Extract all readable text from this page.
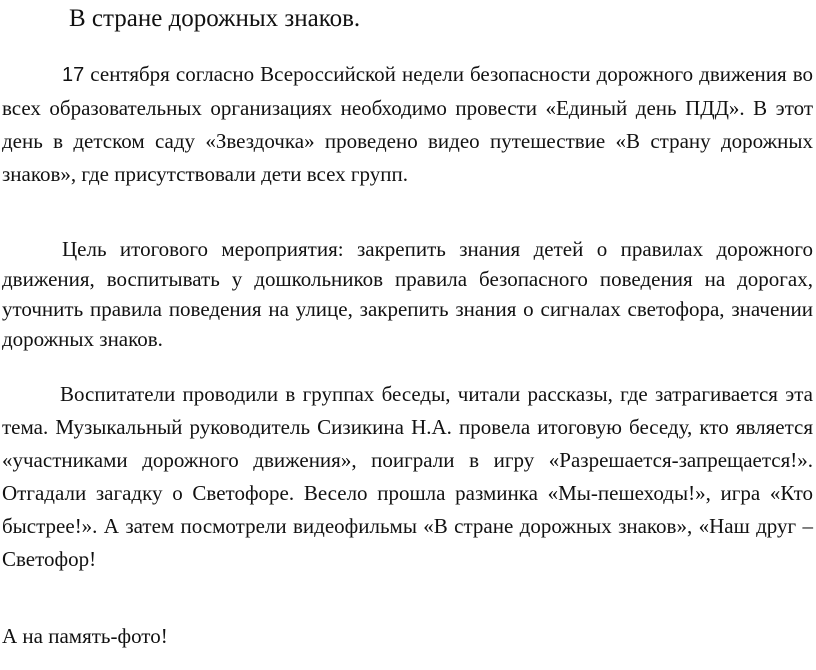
В стране дорожных знаков.

17 сентября согласно Всероссийской недели безопасности дорожного движения во всех образовательных организациях необходимо провести «Единый день ПДД». В этот день в детском саду «Звездочка» проведено видео путешествие «В страну дорожных знаков», где присутствовали дети всех групп.

Цель итогового мероприятия: закрепить знания детей о правилах дорожного движения, воспитывать у дошкольников правила безопасного поведения на дорогах, уточнить правила поведения на улице, закрепить знания о сигналах светофора, значении дорожных знаков.

Воспитатели проводили в группах беседы, читали рассказы, где затрагивается эта тема. Музыкальный руководитель Сизикина Н.А. провела итоговую беседу, кто является «участниками дорожного движения», поиграли в игру «Разрешается-запрещается!». Отгадали загадку о Светофоре. Весело прошла разминка «Мы-пешеходы!», игра «Кто быстрее!». А затем посмотрели видеофильмы «В стране дорожных знаков», «Наш друг – Светофор!

А на память-фото!
